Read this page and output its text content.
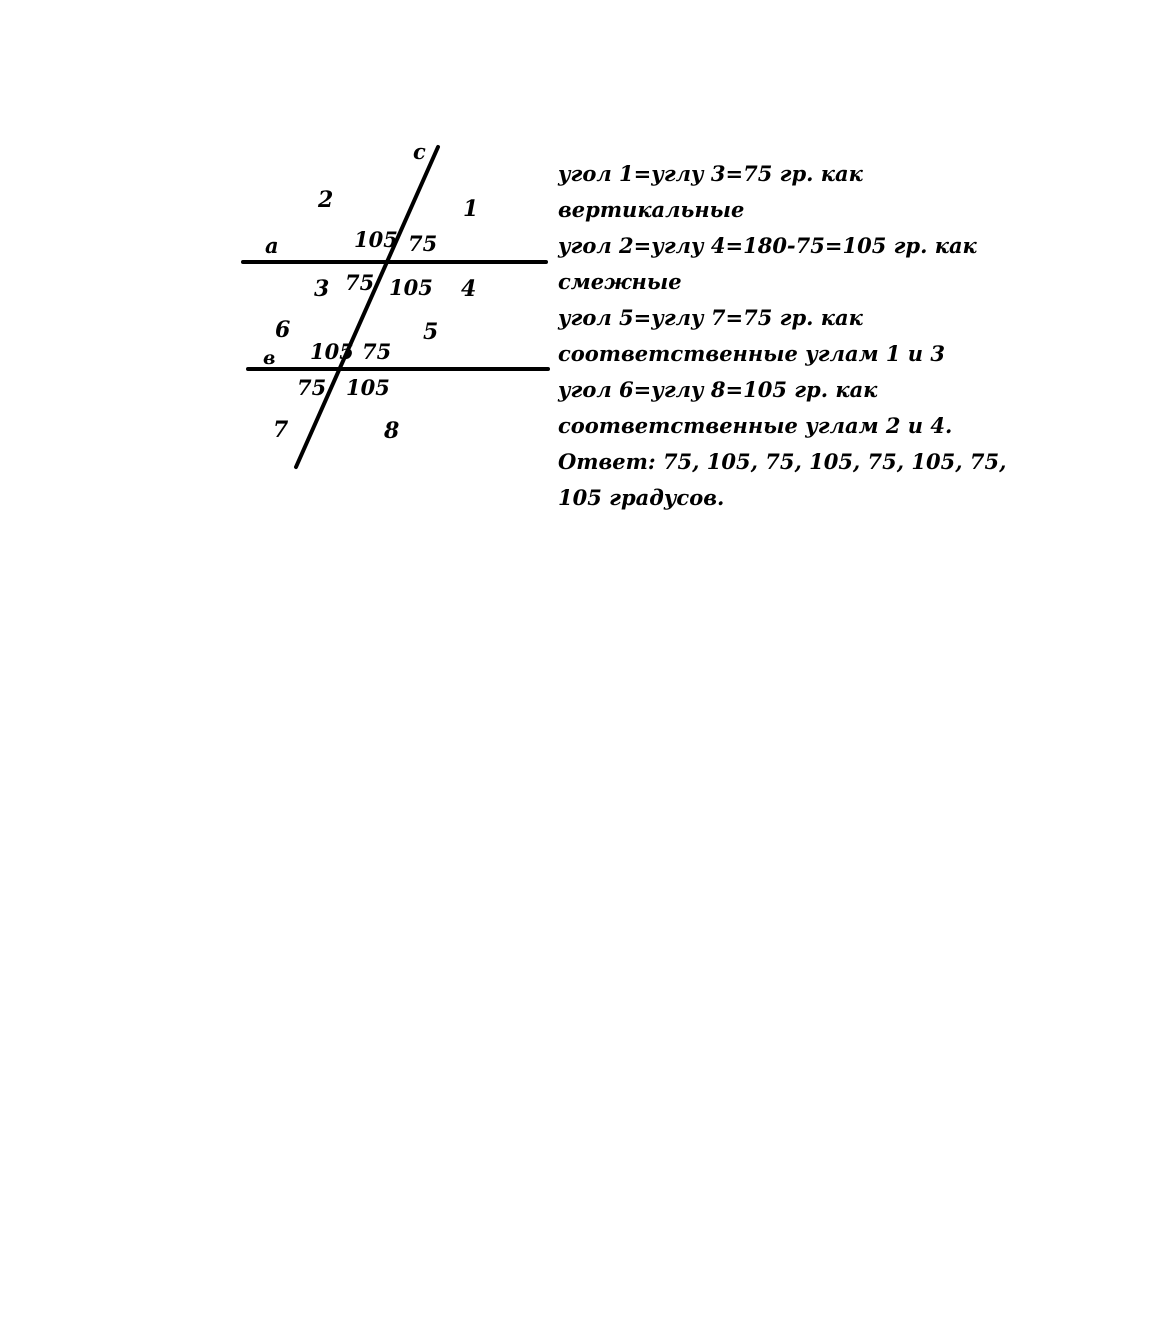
c
a
в
2	1
3	4
6	5
7	8
105 75
75 105
105 75
75 105
угол 1=углу 3=75 гр. как
вертикальные
угол 2=углу 4=180-75=105 гр. как
смежные
угол 5=углу 7=75 гр. как
соответственные углам 1 и 3
угол 6=углу 8=105 гр. как
соответственные углам 2 и 4.
Ответ: 75, 105, 75, 105, 75, 105, 75,
105 градусов.
